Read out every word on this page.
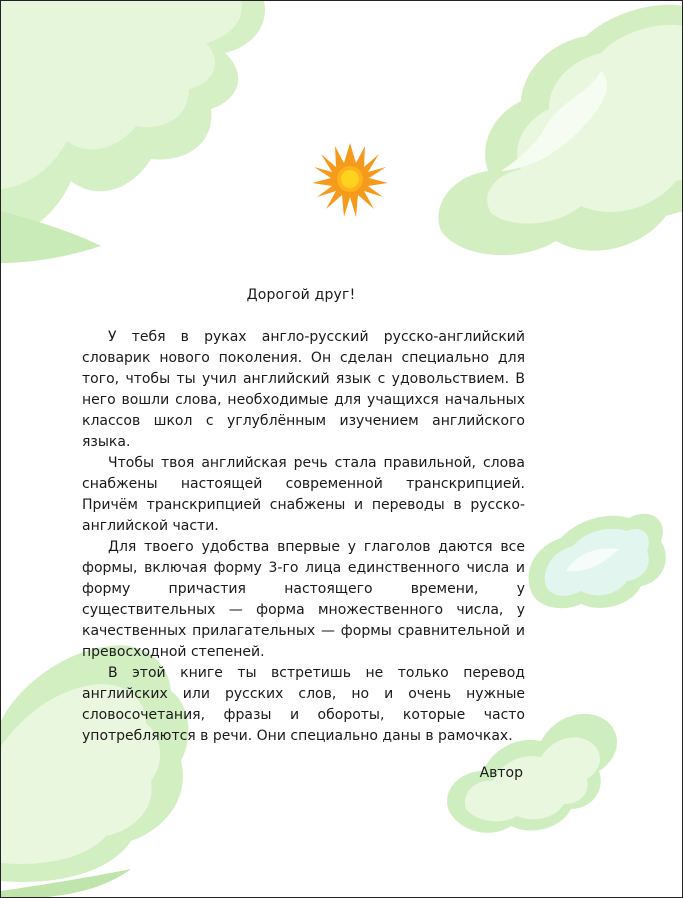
Дорогой друг!

У тебя в руках англо-русский русско-английский словарик нового поколения. Он сделан специально для того, чтобы ты учил английский язык с удовольствием. В него вошли слова, необходимые для учащихся начальных классов школ с углублённым изучением английского языка.

Чтобы твоя английская речь стала правильной, слова снабжены настоящей современной транскрипцией. Причём транскрипцией снабжены и переводы в русско-английской части.

Для твоего удобства впервые у глаголов даются все формы, включая форму 3-го лица единственного числа и форму причастия настоящего времени, у существительных — форма множественного числа, у качественных прилагательных — формы сравнительной и превосходной степеней.

В этой книге ты встретишь не только перевод английских или русских слов, но и очень нужные словосочетания, фразы и обороты, которые часто употребляются в речи. Они специально даны в рамочках.

Автор
